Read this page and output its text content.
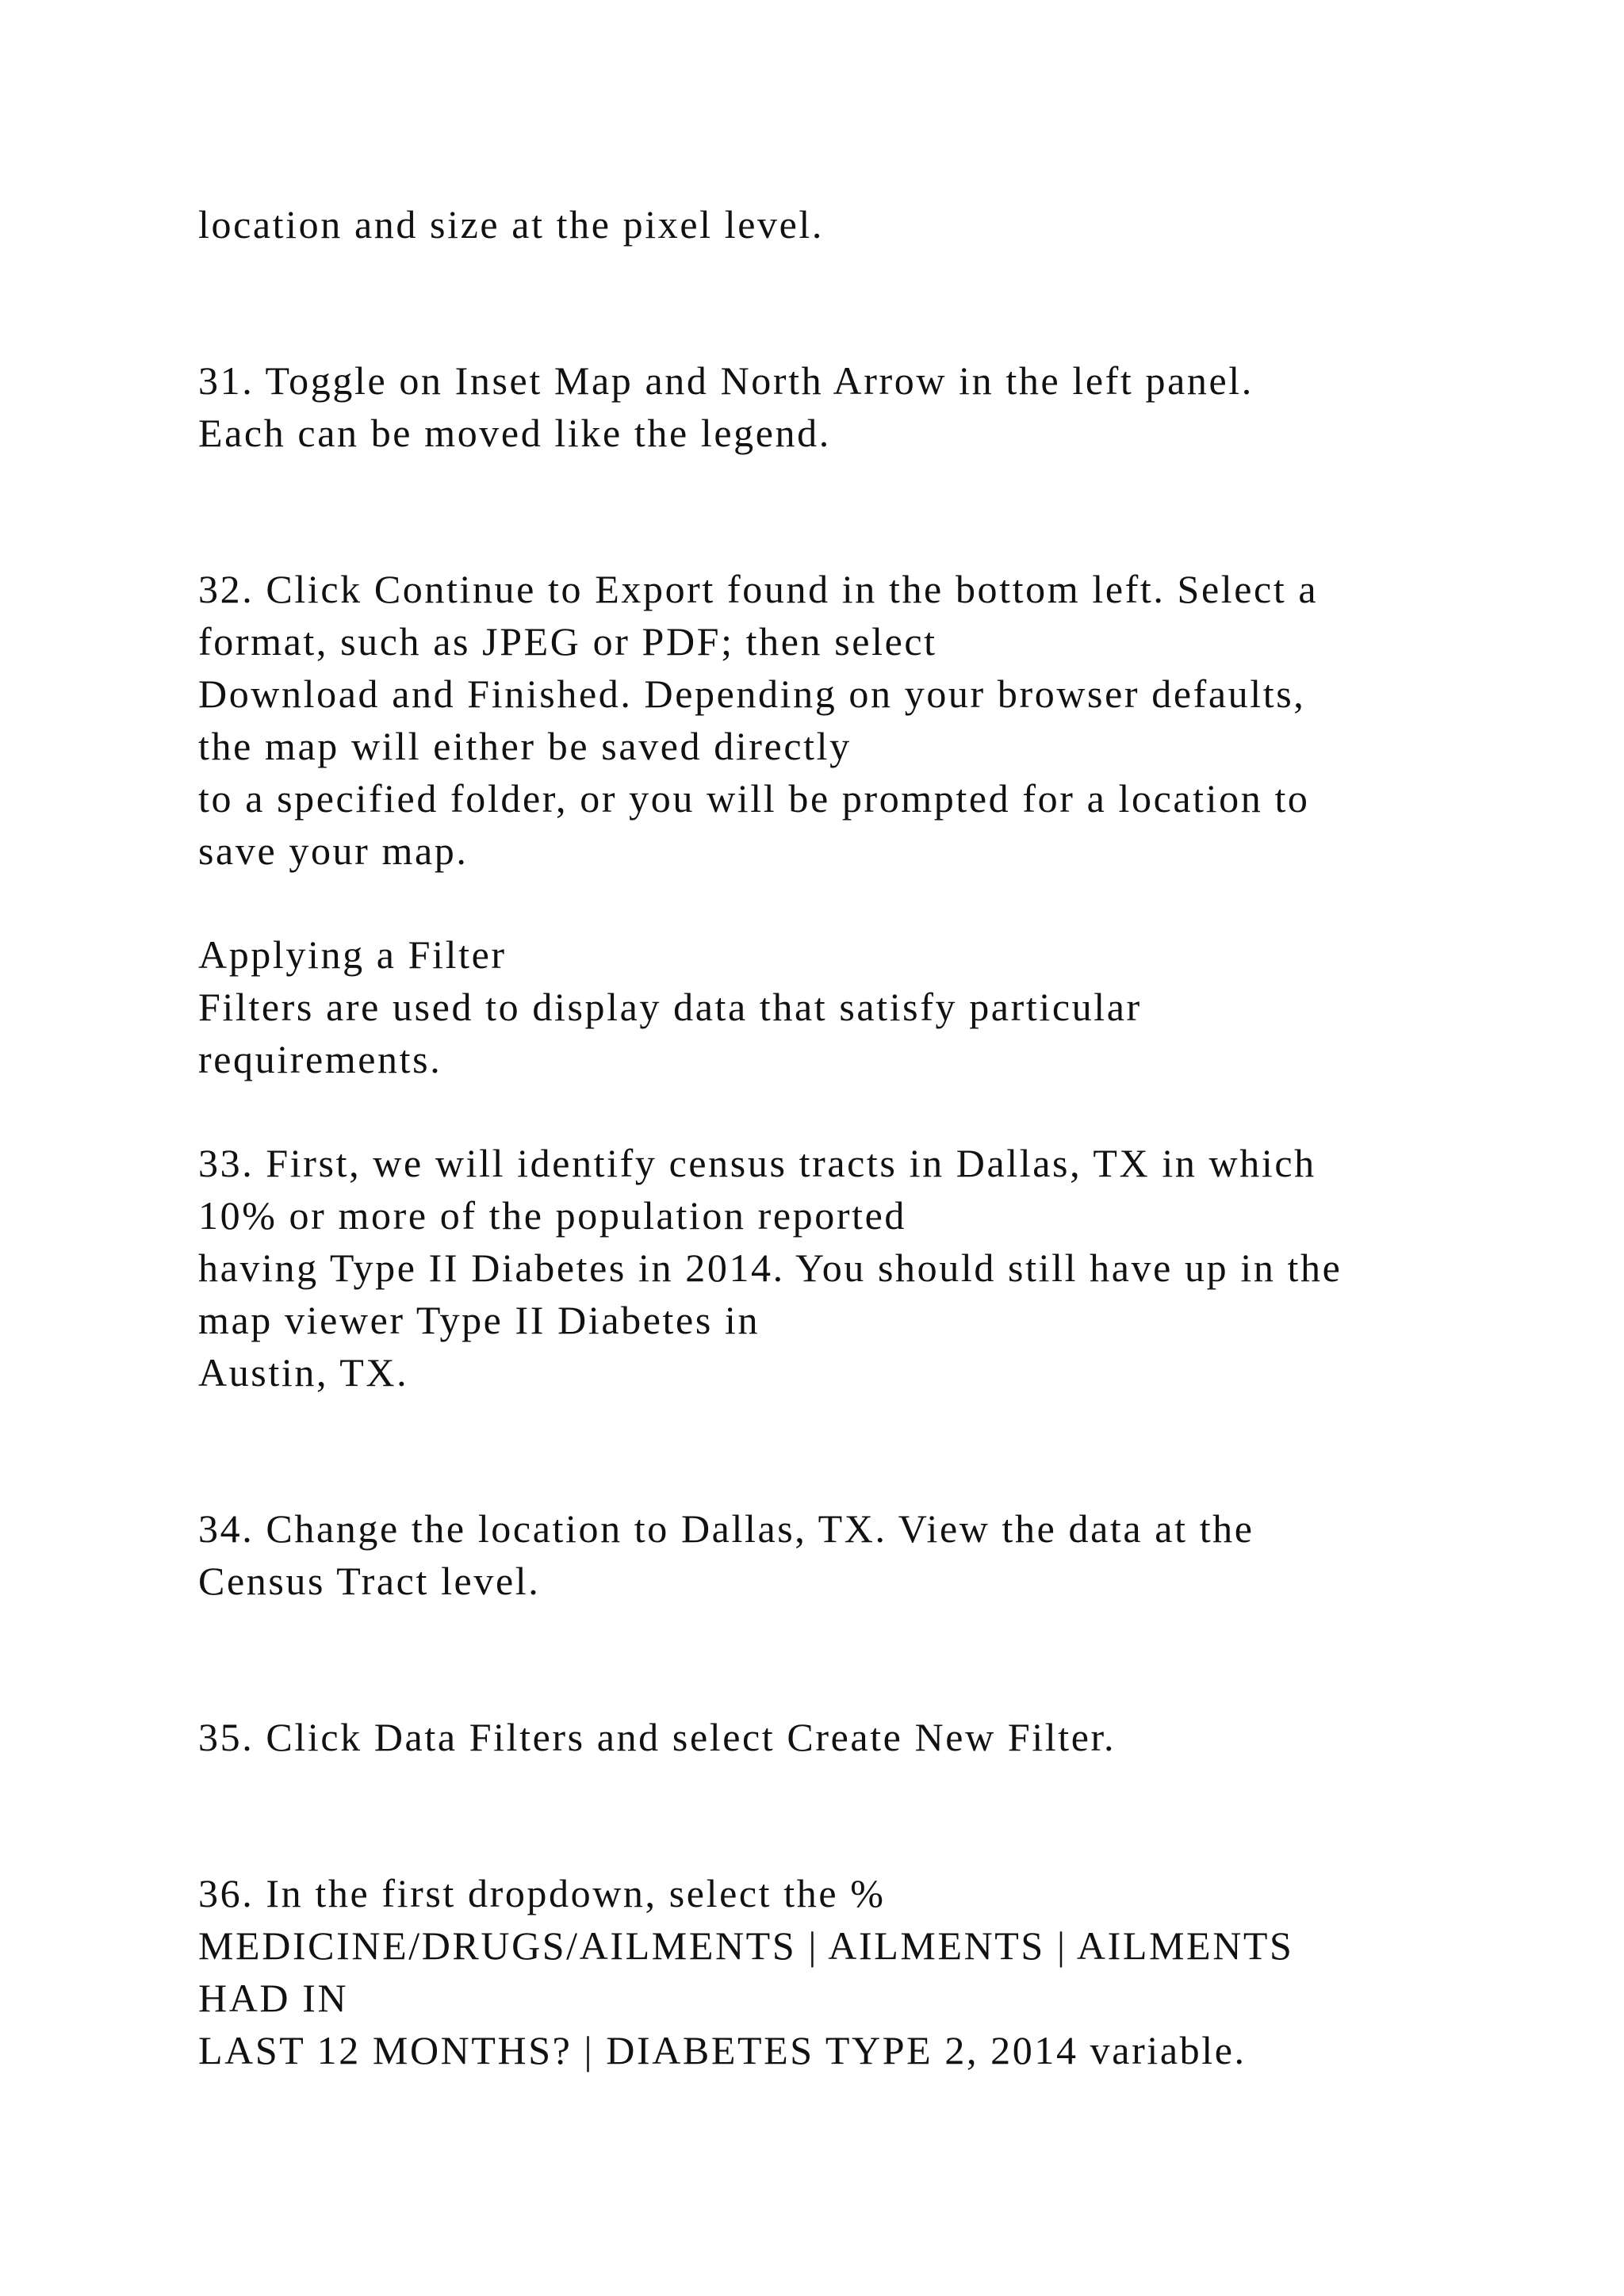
location and size at the pixel level.

31. Toggle on Inset Map and North Arrow in the left panel.

Each can be moved like the legend.

32. Click Continue to Export found in the bottom left. Select a

format, such as JPEG or PDF; then select

Download and Finished. Depending on your browser defaults,

the map will either be saved directly

to a specified folder, or you will be prompted for a location to

save your map.

Applying a Filter

Filters are used to display data that satisfy particular

requirements.

33. First, we will identify census tracts in Dallas, TX in which

10% or more of the population reported

having Type II Diabetes in 2014. You should still have up in the

map viewer Type II Diabetes in

Austin, TX.

34. Change the location to Dallas, TX. View the data at the

Census Tract level.

35. Click Data Filters and select Create New Filter.

36. In the first dropdown, select the %

MEDICINE/DRUGS/AILMENTS | AILMENTS | AILMENTS

HAD IN

LAST 12 MONTHS? | DIABETES TYPE 2, 2014 variable.
